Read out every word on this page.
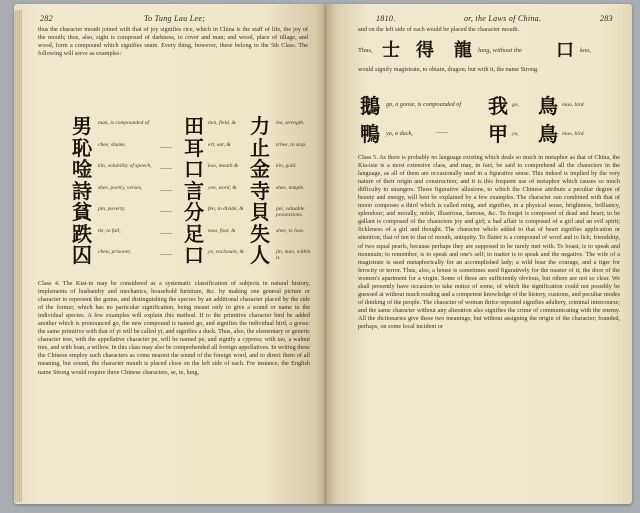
282	To Tung Lau Lee;
thus the character mouth joined with that of joy signifies rice, which in China is the staff of life, the joy of the mouth; thus, also, sight is composed of darkness, to cover and man; and wood, place of tillage, and wood, form a compound which signifies snare. Every thing, however, these belong to the 5th Class. The following will serve as examples:
男 man, is compounded of	田 tien, field, & 力 lee, strength.
恥 chee, shame,	—— 耳 erl, ear, & 止 tchee, to stop.
唫 kin, volubility of speech,	—— 口 koo, mouth & 金 kin, gold.
詩 shee, poetry, verses,	—— 言 yen, word, & 寺 shee, temple.
貧 pin, poverty,	—— 分 fen, to divide, & 貝 pei, valuable possessions.
跌 tie, to fall,	—— 足 tsoo, foot, & 失 shee, to lose.
囚 chew, prisoner,	—— 口 ye, enclosure, & 人 jin, man, within it.
Class 4. The Kiai-in may be considered as a systematic classification of subjects in natural history, implements of husbandry and mechanics, household furniture, &c. by making one general picture or character to represent the genus, and distinguishing the species by an additional character placed by the side of the former, which has no particular signification, being meant only to give a sound or name to the individual species. A few examples will explain this method. If to the primitive character bird be added another which is pronounced go, the new compound is named go, and signifies the individual bird, a goose: the same primitive with that of yi will be called yi, and signifies a duck. Thus, also, the elementary or generic character tree, with the appellative character pe, will be named pe, and signify a cypress; with tao, a walnut tree, and with loan, a willow. In this class may also be comprehended all foreign appellatives. In writing these the Chinese employ such characters as come nearest the sound of the foreign word, and to direct them of all meaning, but sound, the character mouth is placed close on the left side of each. For instance, the English name Strong would require three Chinese characters, se, te, lung,
1810.	or, the Laws of China.	283
and on the left side of each would be placed the character mouth.
Thus, 士 得 龍 lung, without the 口 koo,
would signify magistrate, to obtain, dragon; but with it, the name Strong.
鵝 go, a goose, is compounded of 我 go, 鳥 niao, bird.
鴨 ya, a duck,	—— 甲 ya, 鳥 niao, bird.
Class 5. As there is probably no language existing which deals so much in metaphor as that of China, the Kia-tsie is a most extensive class, and may, in fact, be said to comprehend all the characters in the language, as all of them are occasionally used in a figurative sense. This indeed is implied by the very nature of their origin and construction; and it is this frequent use of metaphor which causes so much difficulty to strangers. Those figurative allusions, to which the Chinese attribute a peculiar degree of beauty and energy, will best be explained by a few examples. The character sun combined with that of moon composes a third which is called ming, and signifies, in a physical sense, brightness, brilliancy, splendour; and morally, noble, illustrious, famous, &c. To forget is composed of dead and heart; to be gallant is composed of the characters joy and girl; a bad affair is composed of a girl and an evil spirit; fickleness of a girl and thought. The character whole added to that of heart signifies application or attention; that of ten to that of mouth, antiquity. To flatter is a compound of word and to lick; friendship, of two equal pearls, because perhaps they are supposed to be rarely met with. To boast, is to speak and mountain; to remember, is to speak and one's self; to matter is to speak and the negative. The wife of a magistrate is used metaphorically for an accomplished lady; a wild boar the courage, and a tiger for ferocity or terror. Thus, also, a house is sometimes used figuratively for the master of it; the door of the women's apartment for a virgin. Some of these are sufficiently obvious, but others are not so clear. We shall presently have occasion to take notice of some, of which the signification could not possibly be guessed at without much reading and a competent knowledge of the history, customs, and peculiar modes of thinking of the people. The character of woman thrice repeated signifies adultery, criminal intercourse; and the same character without any alteration also signifies the crime of communicating with the enemy. All the dictionaries give these two meanings; but without assigning the origin of the character; founded, perhaps, on some local incident or
